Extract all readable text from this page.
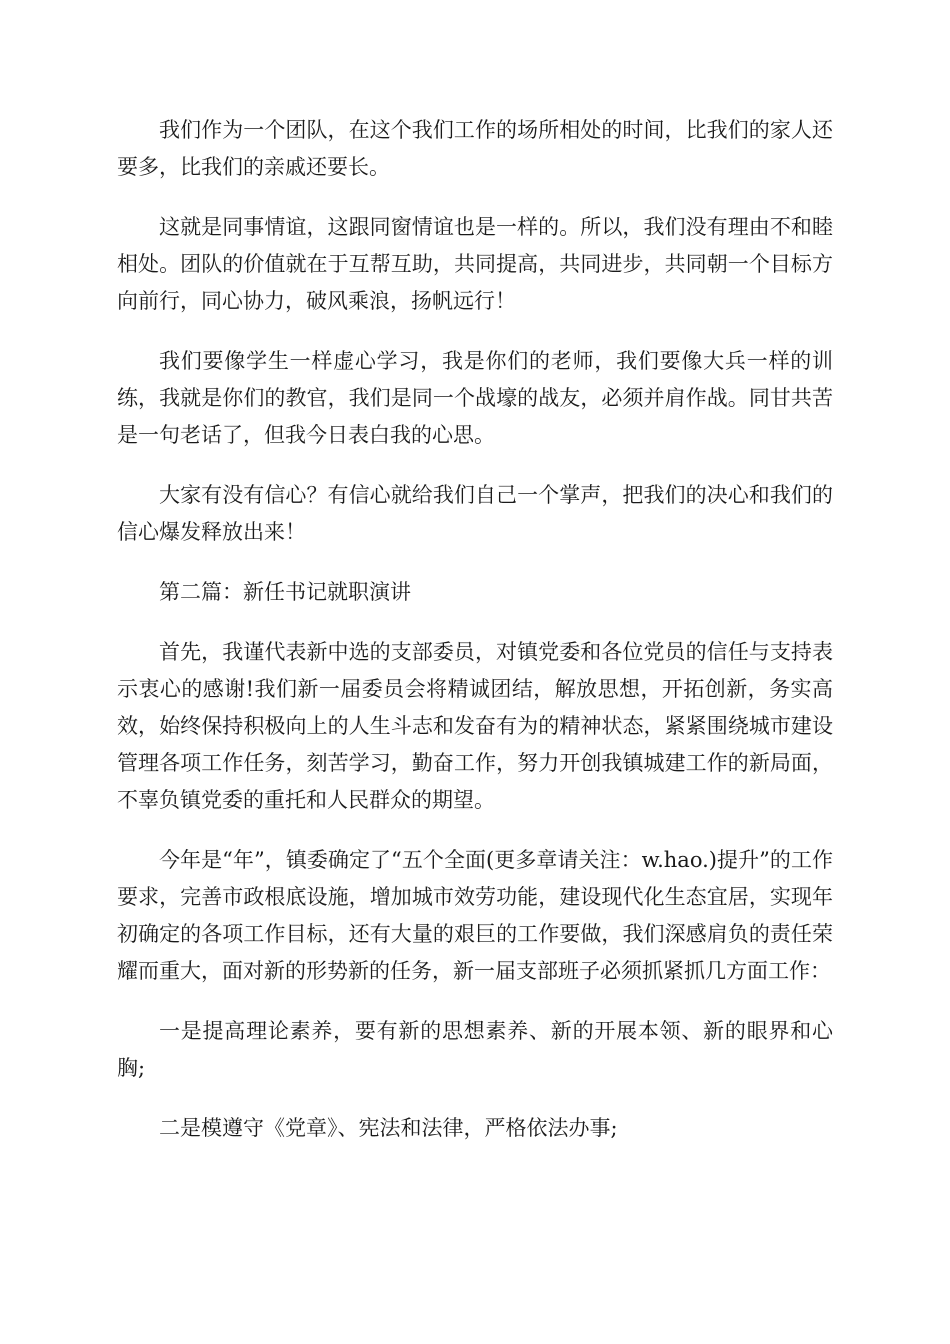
我们作为一个团队，在这个我们工作的场所相处的时间，比我们的家人还要多，比我们的亲戚还要长。

这就是同事情谊，这跟同窗情谊也是一样的。所以，我们没有理由不和睦相处。团队的价值就在于互帮互助，共同提高，共同进步，共同朝一个目标方向前行，同心协力，破风乘浪，扬帆远行！

我们要像学生一样虚心学习，我是你们的老师，我们要像大兵一样的训练，我就是你们的教官，我们是同一个战壕的战友，必须并肩作战。同甘共苦是一句老话了，但我今日表白我的心思。

大家有没有信心？有信心就给我们自己一个掌声，把我们的决心和我们的信心爆发释放出来！

第二篇：新任书记就职演讲

首先，我谨代表新中选的支部委员，对镇党委和各位党员的信任与支持表示衷心的感谢!我们新一届委员会将精诚团结，解放思想，开拓创新，务实高效，始终保持积极向上的人生斗志和发奋有为的精神状态，紧紧围绕城市建设管理各项工作任务，刻苦学习，勤奋工作，努力开创我镇城建工作的新局面，不辜负镇党委的重托和人民群众的期望。

今年是“年”，镇委确定了“五个全面(更多章请关注：w.hao.)提升”的工作要求，完善市政根底设施，增加城市效劳功能，建设现代化生态宜居，实现年初确定的各项工作目标，还有大量的艰巨的工作要做，我们深感肩负的责任荣耀而重大，面对新的形势新的任务，新一届支部班子必须抓紧抓几方面工作：

一是提高理论素养，要有新的思想素养、新的开展本领、新的眼界和心胸;

二是模遵守《党章》、宪法和法律，严格依法办事;
